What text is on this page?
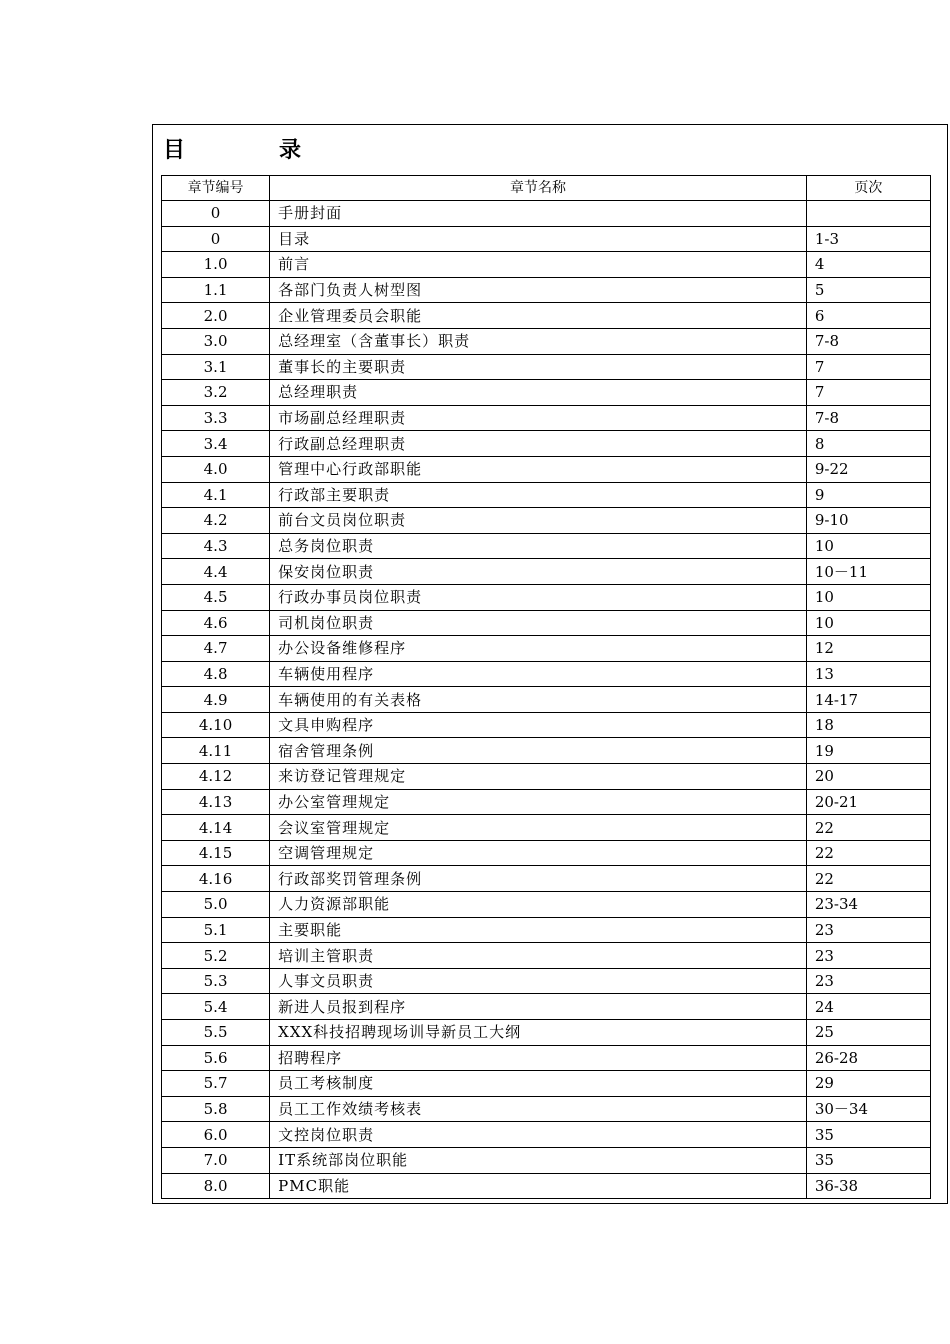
目　录
章节编号	章节名称	页次
0	手册封面	
0	目录	1-3
1.0	前言	4
1.1	各部门负责人树型图	5
2.0	企业管理委员会职能	6
3.0	总经理室（含董事长）职责	7-8
3.1	董事长的主要职责	7
3.2	总经理职责	7
3.3	市场副总经理职责	7-8
3.4	行政副总经理职责	8
4.0	管理中心行政部职能	9-22
4.1	行政部主要职责	9
4.2	前台文员岗位职责	9-10
4.3	总务岗位职责	10
4.4	保安岗位职责	10－11
4.5	行政办事员岗位职责	10
4.6	司机岗位职责	10
4.7	办公设备维修程序	12
4.8	车辆使用程序	13
4.9	车辆使用的有关表格	14-17
4.10	文具申购程序	18
4.11	宿舍管理条例	19
4.12	来访登记管理规定	20
4.13	办公室管理规定	20-21
4.14	会议室管理规定	22
4.15	空调管理规定	22
4.16	行政部奖罚管理条例	22
5.0	人力资源部职能	23-34
5.1	主要职能	23
5.2	培训主管职责	23
5.3	人事文员职责	23
5.4	新进人员报到程序	24
5.5	XXX科技招聘现场训导新员工大纲	25
5.6	招聘程序	26-28
5.7	员工考核制度	29
5.8	员工工作效绩考核表	30－34
6.0	文控岗位职责	35
7.0	IT系统部岗位职能	35
8.0	PMC职能	36-38
